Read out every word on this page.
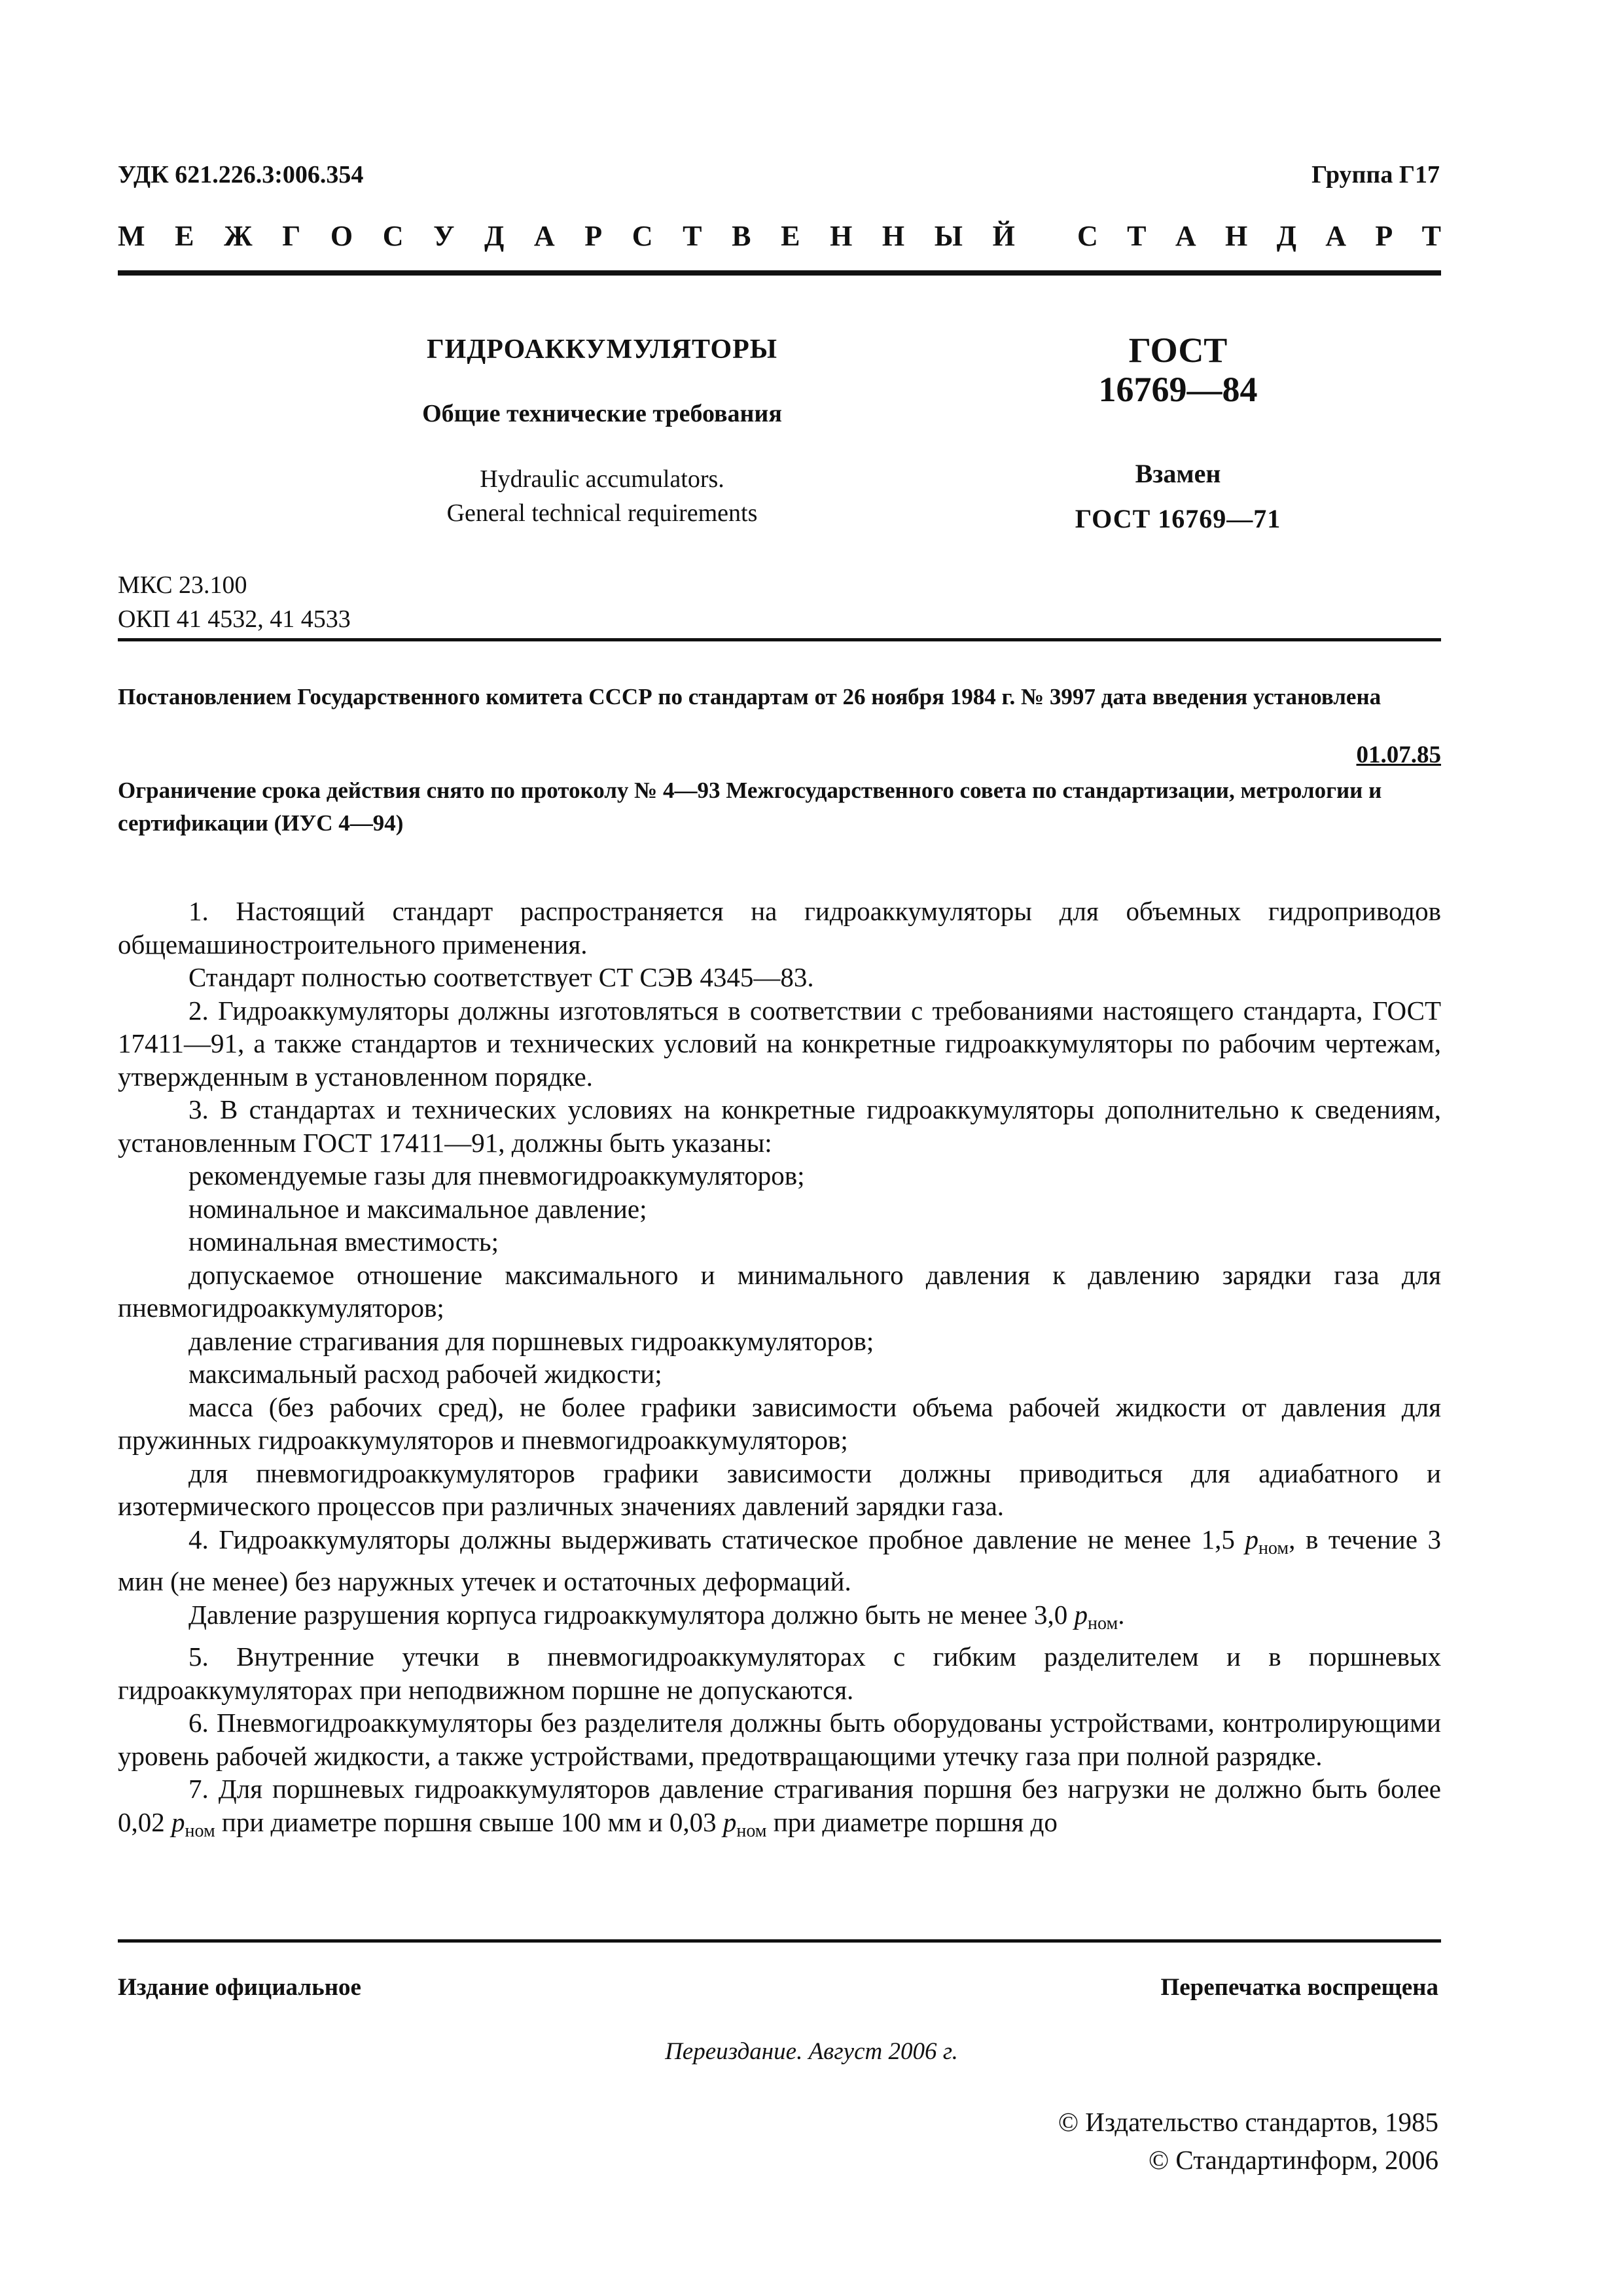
УДК 621.226.3:006.354	Группа Г17
М Е Ж Г О С У Д А Р С Т В Е Н Н Ы Й С Т А Н Д А Р Т
ГИДРОАККУМУЛЯТОРЫ
Общие технические требования
Hydraulic accumulators.
General technical requirements
ГОСТ
16769—84
Взамен
ГОСТ 16769—71
МКС 23.100
ОКП 41 4532, 41 4533
Постановлением Государственного комитета СССР по стандартам от 26 ноября 1984 г. № 3997 дата введения установлена
01.07.85
Ограничение срока действия снято по протоколу № 4—93 Межгосударственного совета по стандартизации, метрологии и сертификации (ИУС 4—94)

1. Настоящий стандарт распространяется на гидроаккумуляторы для объемных гидроприводов общемашиностроительного применения.

Стандарт полностью соответствует СТ СЭВ 4345—83.

2. Гидроаккумуляторы должны изготовляться в соответствии с требованиями настоящего стандарта, ГОСТ 17411—91, а также стандартов и технических условий на конкретные гидроаккумуляторы по рабочим чертежам, утвержденным в установленном порядке.

3. В стандартах и технических условиях на конкретные гидроаккумуляторы дополнительно к сведениям, установленным ГОСТ 17411—91, должны быть указаны:

рекомендуемые газы для пневмогидроаккумуляторов;

номинальное и максимальное давление;

номинальная вместимость;

допускаемое отношение максимального и минимального давления к давлению зарядки газа для пневмогидроаккумуляторов;

давление страгивания для поршневых гидроаккумуляторов;

максимальный расход рабочей жидкости;

масса (без рабочих сред), не более графики зависимости объема рабочей жидкости от давления для пружинных гидроаккумуляторов и пневмогидроаккумуляторов;

для пневмогидроаккумуляторов графики зависимости должны приводиться для адиабатного и изотермического процессов при различных значениях давлений зарядки газа.

4. Гидроаккумуляторы должны выдерживать статическое пробное давление не менее 1,5 $p_{ном}$, в течение 3 мин (не менее) без наружных утечек и остаточных деформаций.

Давление разрушения корпуса гидроаккумулятора должно быть не менее 3,0 $p_{ном}$.

5. Внутренние утечки в пневмогидроаккумуляторах с гибким разделителем и в поршневых гидроаккумуляторах при неподвижном поршне не допускаются.

6. Пневмогидроаккумуляторы без разделителя должны быть оборудованы устройствами, контролирующими уровень рабочей жидкости, а также устройствами, предотвращающими утечку газа при полной разрядке.

7. Для поршневых гидроаккумуляторов давление страгивания поршня без нагрузки не должно быть более 0,02 $p_{ном}$ при диаметре поршня свыше 100 мм и 0,03 $p_{ном}$ при диаметре поршня до

Издание официальное	Перепечатка воспрещена
Переиздание. Август 2006 г.
© Издательство стандартов, 1985
© Стандартинформ, 2006
